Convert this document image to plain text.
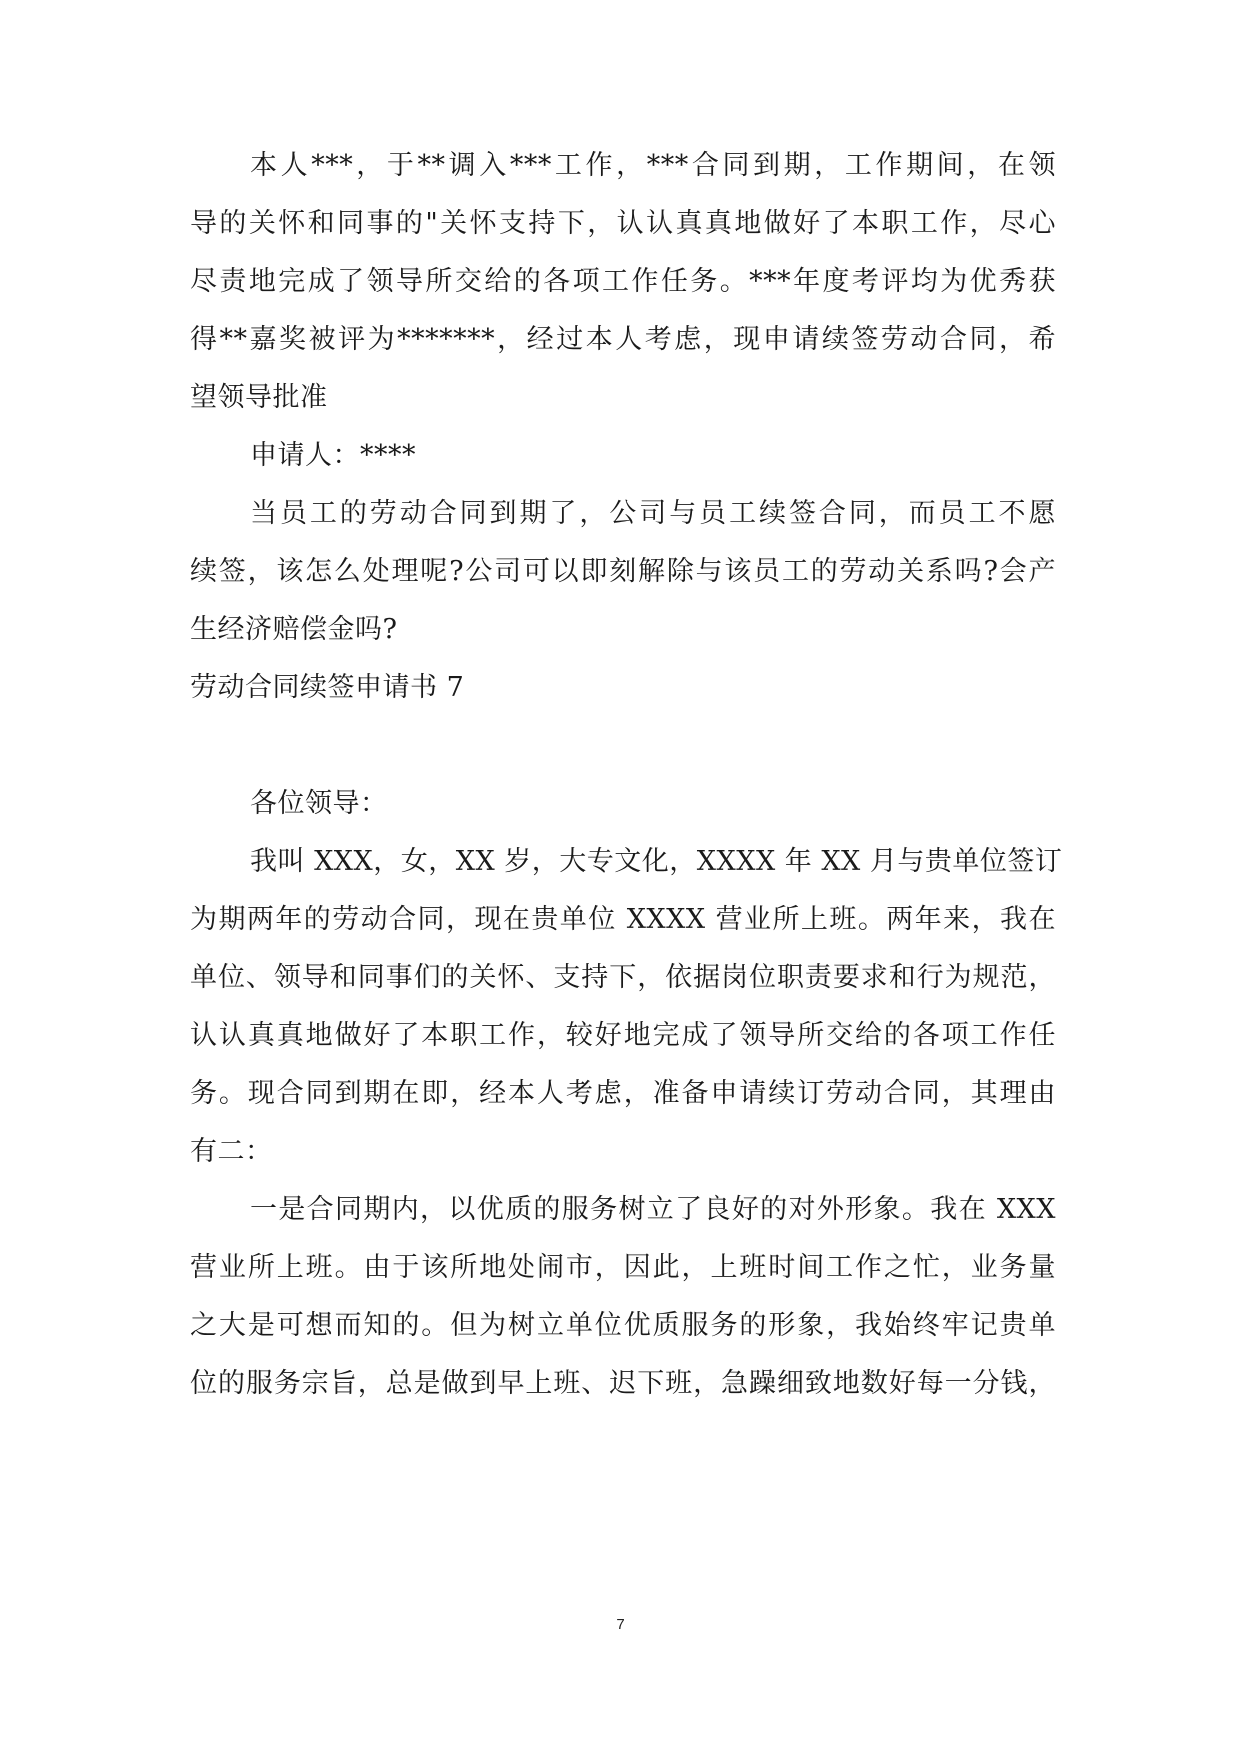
本人***，于**调入***工作，***合同到期，工作期间，在领
导的关怀和同事的"关怀支持下，认认真真地做好了本职工作，尽心
尽责地完成了领导所交给的各项工作任务。***年度考评均为优秀获
得**嘉奖被评为*******，经过本人考虑，现申请续签劳动合同，希
望领导批准
申请人：****
当员工的劳动合同到期了，公司与员工续签合同，而员工不愿
续签，该怎么处理呢?公司可以即刻解除与该员工的劳动关系吗?会产
生经济赔偿金吗?
劳动合同续签申请书 7
各位领导：
我叫 XXX，女，XX 岁，大专文化，XXXX 年 XX 月与贵单位签订
为期两年的劳动合同，现在贵单位 XXXX 营业所上班。两年来，我在
单位、领导和同事们的关怀、支持下，依据岗位职责要求和行为规范，
认认真真地做好了本职工作，较好地完成了领导所交给的各项工作任
务。现合同到期在即，经本人考虑，准备申请续订劳动合同，其理由
有二：
一是合同期内，以优质的服务树立了良好的对外形象。我在 XXX
营业所上班。由于该所地处闹市，因此，上班时间工作之忙，业务量
之大是可想而知的。但为树立单位优质服务的形象，我始终牢记贵单
位的服务宗旨，总是做到早上班、迟下班，急躁细致地数好每一分钱，
7
